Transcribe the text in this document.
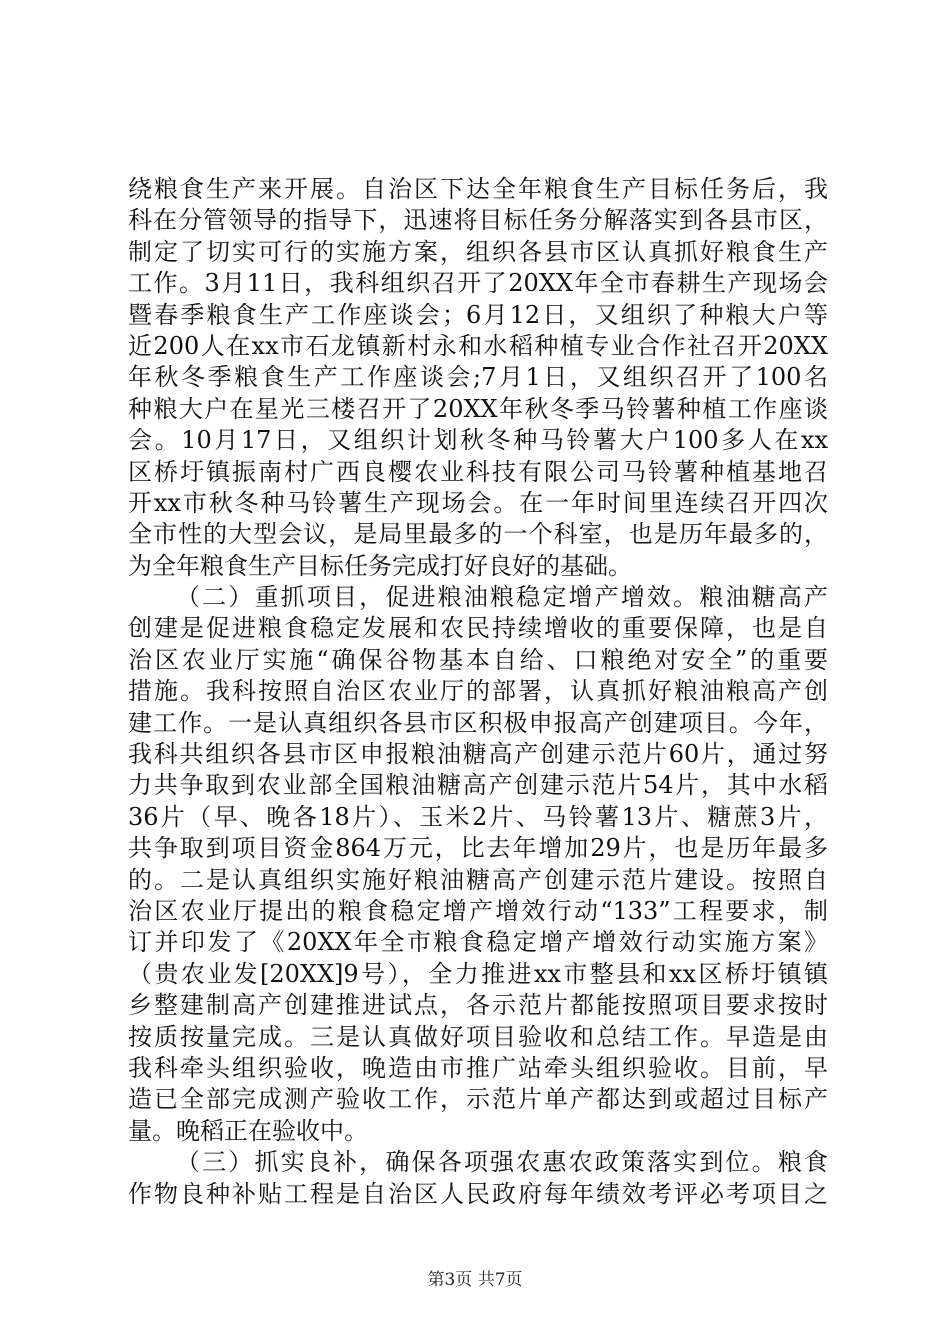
绕粮食生产来开展。自治区下达全年粮食生产目标任务后，我
科在分管领导的指导下，迅速将目标任务分解落实到各县市区，
制定了切实可行的实施方案，组织各县市区认真抓好粮食生产
工作。3月11日，我科组织召开了20XX年全市春耕生产现场会
暨春季粮食生产工作座谈会；6月12日，又组织了种粮大户等
近200人在xx市石龙镇新村永和水稻种植专业合作社召开20XX
年秋冬季粮食生产工作座谈会;7月1日，又组织召开了100名
种粮大户在星光三楼召开了20XX年秋冬季马铃薯种植工作座谈
会。10月17日，又组织计划秋冬种马铃薯大户100多人在xx
区桥圩镇振南村广西良樱农业科技有限公司马铃薯种植基地召
开xx市秋冬种马铃薯生产现场会。在一年时间里连续召开四次
全市性的大型会议，是局里最多的一个科室，也是历年最多的，
为全年粮食生产目标任务完成打好良好的基础。
（二）重抓项目，促进粮油粮稳定增产增效。粮油糖高产
创建是促进粮食稳定发展和农民持续增收的重要保障，也是自
治区农业厅实施“确保谷物基本自给、口粮绝对安全”的重要
措施。我科按照自治区农业厅的部署，认真抓好粮油粮高产创
建工作。一是认真组织各县市区积极申报高产创建项目。今年，
我科共组织各县市区申报粮油糖高产创建示范片60片，通过努
力共争取到农业部全国粮油糖高产创建示范片54片，其中水稻
36片（早、晚各18片）、玉米2片、马铃薯13片、糖蔗3片，
共争取到项目资金864万元，比去年增加29片，也是历年最多
的。二是认真组织实施好粮油糖高产创建示范片建设。按照自
治区农业厅提出的粮食稳定增产增效行动“133”工程要求，制
订并印发了《20XX年全市粮食稳定增产增效行动实施方案》
（贵农业发[20XX]9号），全力推进xx市整县和xx区桥圩镇镇
乡整建制高产创建推进试点，各示范片都能按照项目要求按时
按质按量完成。三是认真做好项目验收和总结工作。早造是由
我科牵头组织验收，晚造由市推广站牵头组织验收。目前，早
造已全部完成测产验收工作，示范片单产都达到或超过目标产
量。晚稻正在验收中。
（三）抓实良补，确保各项强农惠农政策落实到位。粮食
作物良种补贴工程是自治区人民政府每年绩效考评必考项目之
第3页 共7页
